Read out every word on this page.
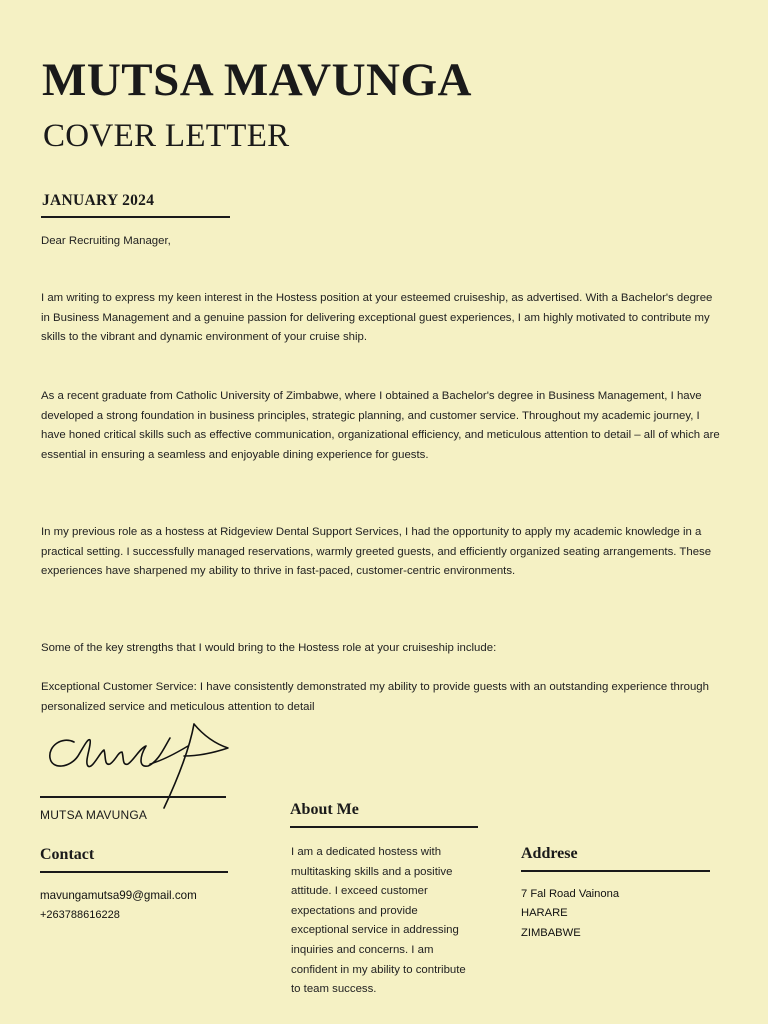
MUTSA MAVUNGA
COVER LETTER
JANUARY 2024

Dear Recruiting Manager,

I am writing to express my keen interest in the Hostess position at your esteemed cruiseship, as advertised. With a Bachelor's degree in Business Management and a genuine passion for delivering exceptional guest experiences, I am highly motivated to contribute my skills to the vibrant and dynamic environment of your cruise ship.

As a recent graduate from Catholic University of Zimbabwe, where I obtained a Bachelor's degree in Business Management, I have developed a strong foundation in business principles, strategic planning, and customer service. Throughout my academic journey, I have honed critical skills such as effective communication, organizational efficiency, and meticulous attention to detail – all of which are essential in ensuring a seamless and enjoyable dining experience for guests.

In my previous role as a hostess at Ridgeview Dental Support Services, I had the opportunity to apply my academic knowledge in a practical setting. I successfully managed reservations, warmly greeted guests, and efficiently organized seating arrangements. These experiences have sharpened my ability to thrive in fast-paced, customer-centric environments.

Some of the key strengths that I would bring to the Hostess role at your cruiseship include:

Exceptional Customer Service: I have consistently demonstrated my ability to provide guests with an outstanding experience through personalized service and meticulous attention to detail

MUTSA MAVUNGA

Contact

mavungamutsa99@gmail.com

+263788616228

About Me

I am a dedicated hostess with multitasking skills and a positive attitude. I exceed customer expectations and provide exceptional service in addressing inquiries and concerns. I am confident in my ability to contribute to team success.

Addrese

7 Fal Road Vainona

HARARE

ZIMBABWE
